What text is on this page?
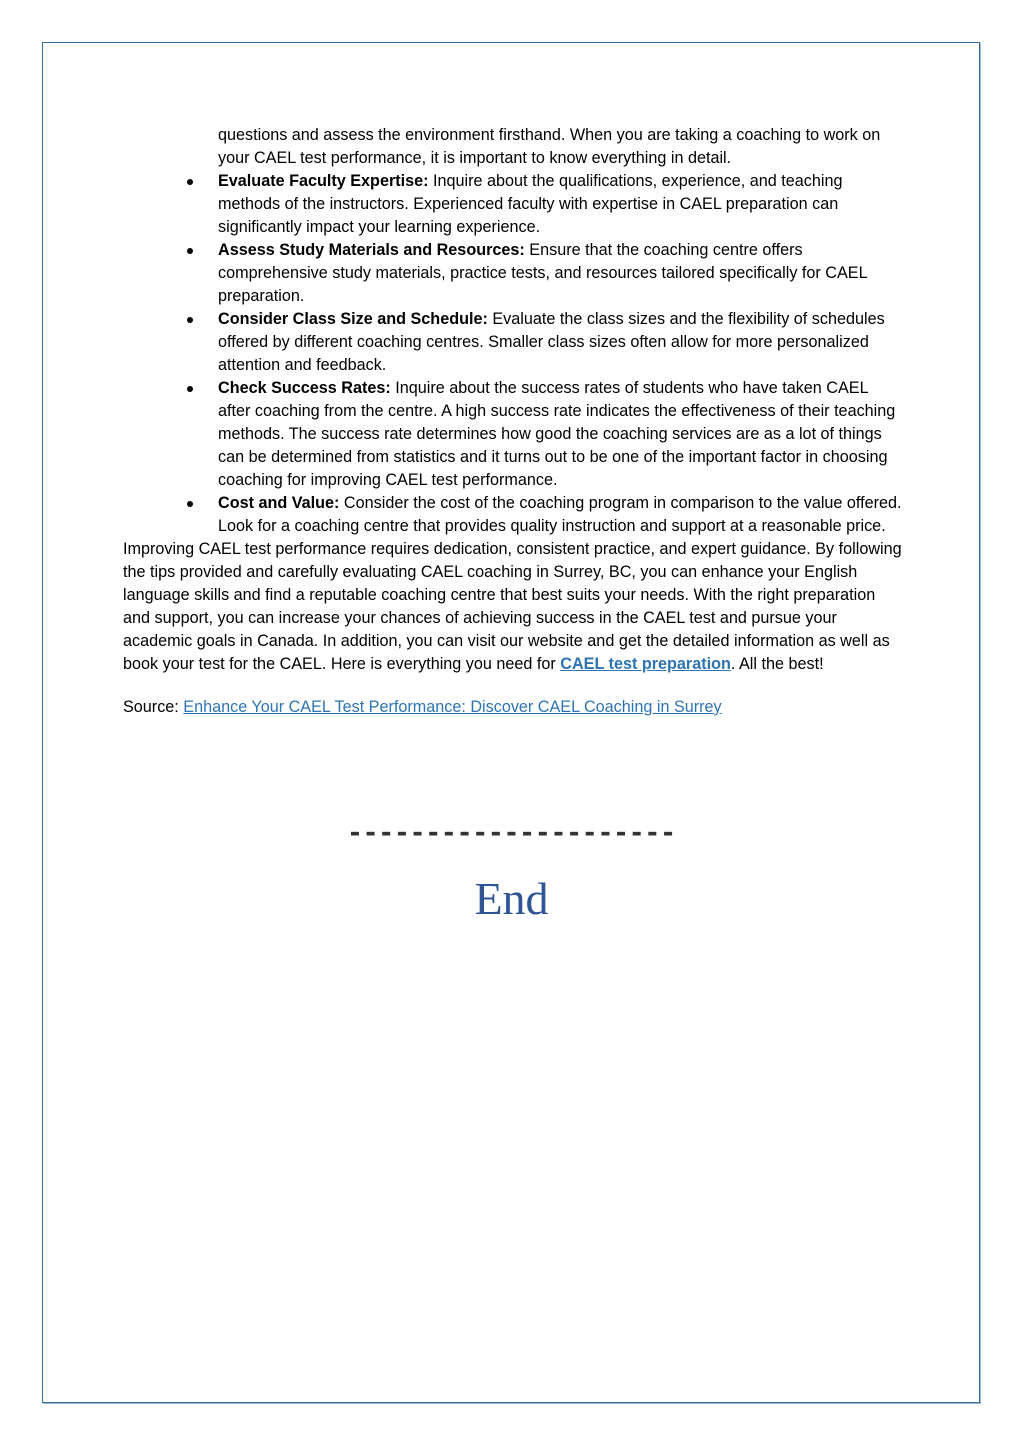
questions and assess the environment firsthand. When you are taking a coaching to work on your CAEL test performance, it is important to know everything in detail.

Evaluate Faculty Expertise: Inquire about the qualifications, experience, and teaching methods of the instructors. Experienced faculty with expertise in CAEL preparation can significantly impact your learning experience.
Assess Study Materials and Resources: Ensure that the coaching centre offers comprehensive study materials, practice tests, and resources tailored specifically for CAEL preparation.
Consider Class Size and Schedule: Evaluate the class sizes and the flexibility of schedules offered by different coaching centres. Smaller class sizes often allow for more personalized attention and feedback.
Check Success Rates: Inquire about the success rates of students who have taken CAEL after coaching from the centre. A high success rate indicates the effectiveness of their teaching methods. The success rate determines how good the coaching services are as a lot of things can be determined from statistics and it turns out to be one of the important factor in choosing coaching for improving CAEL test performance.
Cost and Value: Consider the cost of the coaching program in comparison to the value offered. Look for a coaching centre that provides quality instruction and support at a reasonable price.

Improving CAEL test performance requires dedication, consistent practice, and expert guidance. By following the tips provided and carefully evaluating CAEL coaching in Surrey, BC, you can enhance your English language skills and find a reputable coaching centre that best suits your needs. With the right preparation and support, you can increase your chances of achieving success in the CAEL test and pursue your academic goals in Canada. In addition, you can visit our website and get the detailed information as well as book your test for the CAEL. Here is everything you need for CAEL test preparation. All the best!

Source: Enhance Your CAEL Test Performance: Discover CAEL Coaching in Surrey

---------------------
End
